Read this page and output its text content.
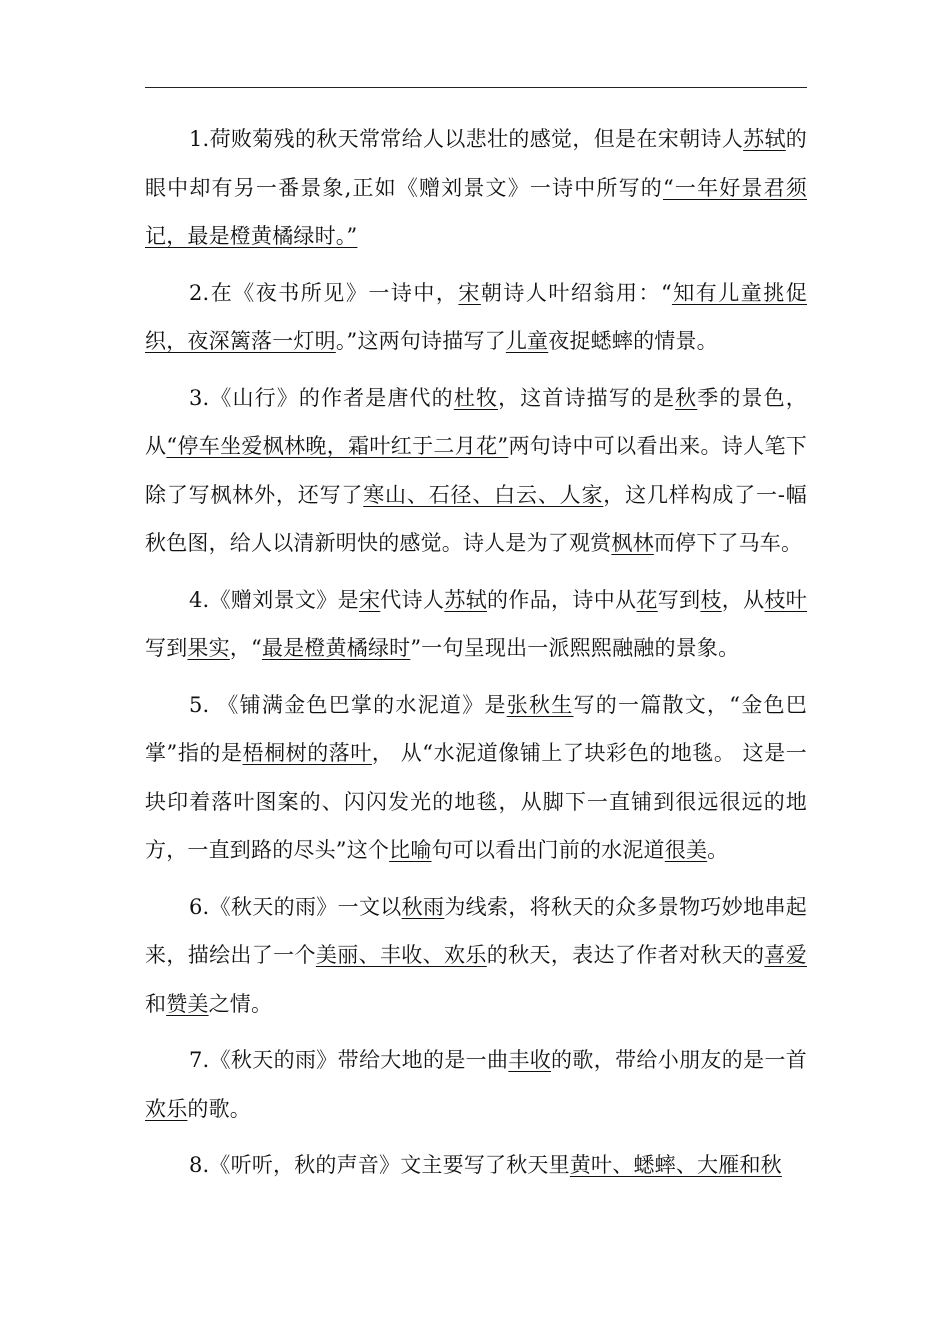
1.荷败菊残的秋天常常给人以悲壮的感觉，但是在宋朝诗人苏轼的眼中却有另一番景象,正如《赠刘景文》一诗中所写的“一年好景君须记，最是橙黄橘绿时。”

2.在《夜书所见》一诗中，宋朝诗人叶绍翁用：“知有儿童挑促织，夜深篱落一灯明。”这两句诗描写了儿童夜捉蟋蟀的情景。

3.《山行》的作者是唐代的杜牧，这首诗描写的是秋季的景色，从“停车坐爱枫林晚，霜叶红于二月花”两句诗中可以看出来。诗人笔下除了写枫林外，还写了寒山、石径、白云、人家，这几样构成了一-幅秋色图，给人以清新明快的感觉。诗人是为了观赏枫林而停下了马车。

4.《赠刘景文》是宋代诗人苏轼的作品，诗中从花写到枝，从枝叶写到果实，“最是橙黄橘绿时”一句呈现出一派熙熙融融的景象。

5. 《铺满金色巴掌的水泥道》是张秋生写的一篇散文，“金色巴掌”指的是梧桐树的落叶， 从“水泥道像铺上了块彩色的地毯。 这是一块印着落叶图案的、闪闪发光的地毯，从脚下一直铺到很远很远的地方，一直到路的尽头”这个比喻句可以看出门前的水泥道很美。

6.《秋天的雨》一文以秋雨为线索，将秋天的众多景物巧妙地串起来，描绘出了一个美丽、丰收、欢乐的秋天，表达了作者对秋天的喜爱和赞美之情。

7.《秋天的雨》带给大地的是一曲丰收的歌，带给小朋友的是一首欢乐的歌。

8.《听听，秋的声音》文主要写了秋天里黄叶、蟋蟀、大雁和秋
